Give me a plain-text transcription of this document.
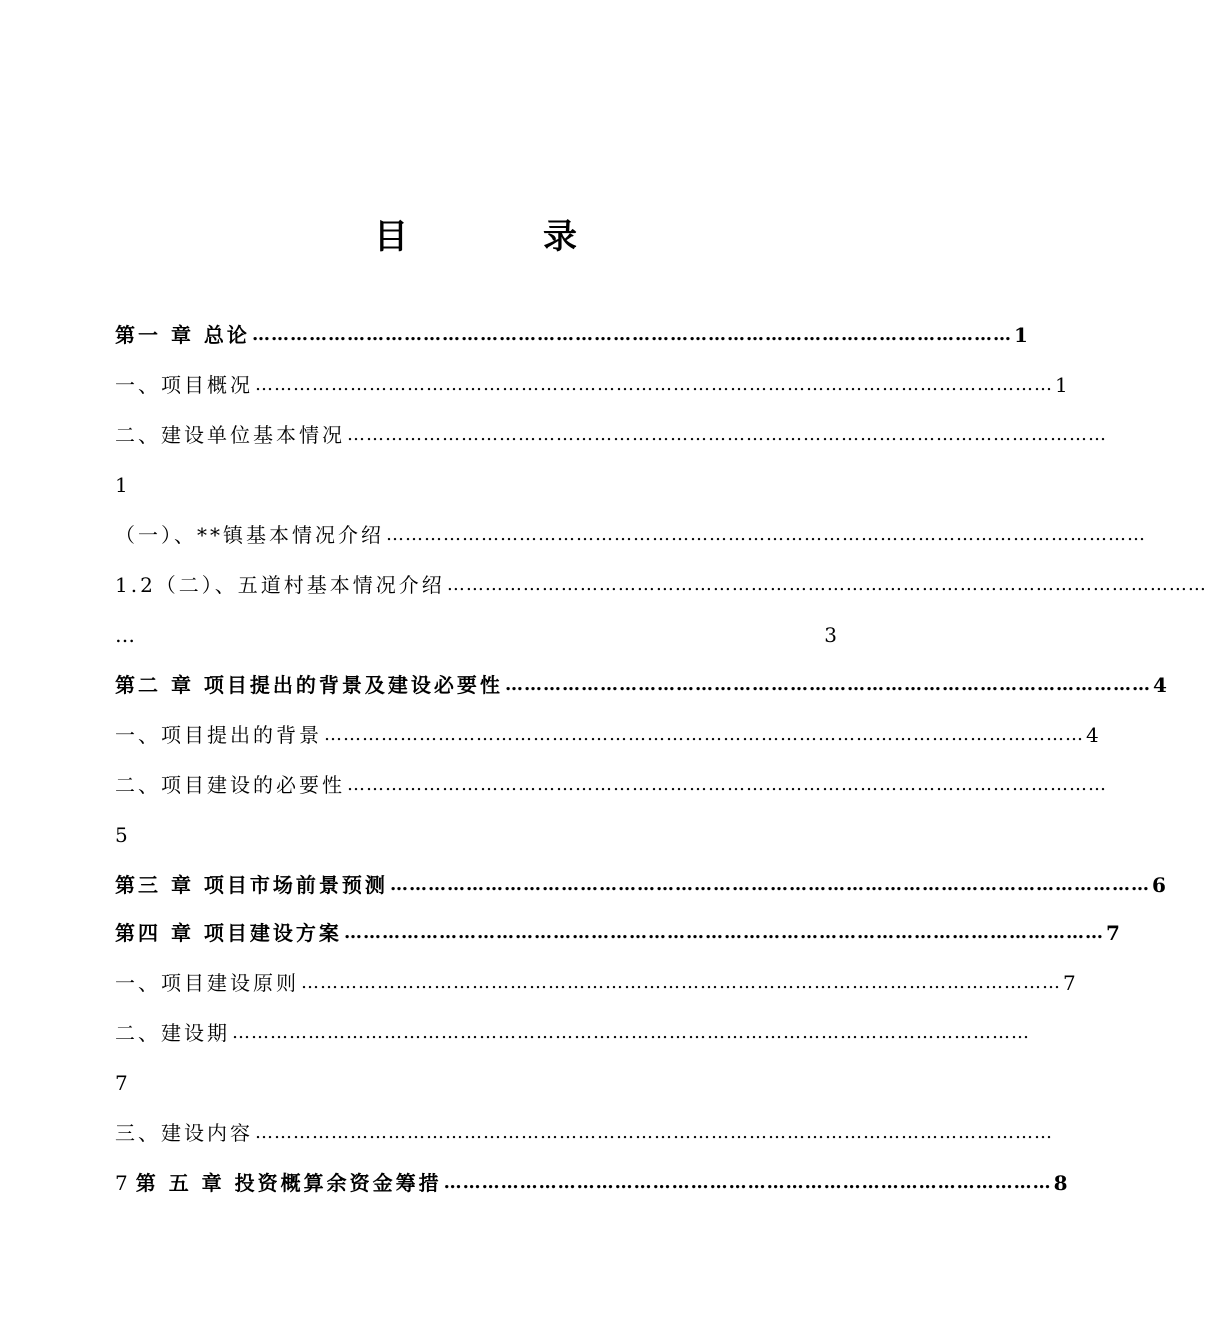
目	录
第一 章 总论 ………………………………………………………………………………………………………… 1
一、项目概况 ……………………………………………………………………………………………………………… 1
二、建设单位基本情况 …………………………………………………………………………………………………………
1
（一）、**镇基本情况介绍 …………………………………………………………………………………………………………
1.2（二）、五道村基本情况介绍 …………………………………………………………………………………………………………
…	3
第二 章 项目提出的背景及建设必要性 ………………………………………………………………………………………… 4
一、项目提出的背景 ………………………………………………………………………………………………………… 4
二、项目建设的必要性 …………………………………………………………………………………………………………
5
第三 章 项目市场前景预测 ………………………………………………………………………………………………………… 6
第四 章 项目建设方案 ………………………………………………………………………………………………………… 7
一、项目建设原则 ………………………………………………………………………………………………………… 7
二、建设期 ………………………………………………………………………………………………………………
7
三、建设内容 ………………………………………………………………………………………………………………
7 第 五 章 投资概算余资金筹措 …………………………………………………………………………………… 8
